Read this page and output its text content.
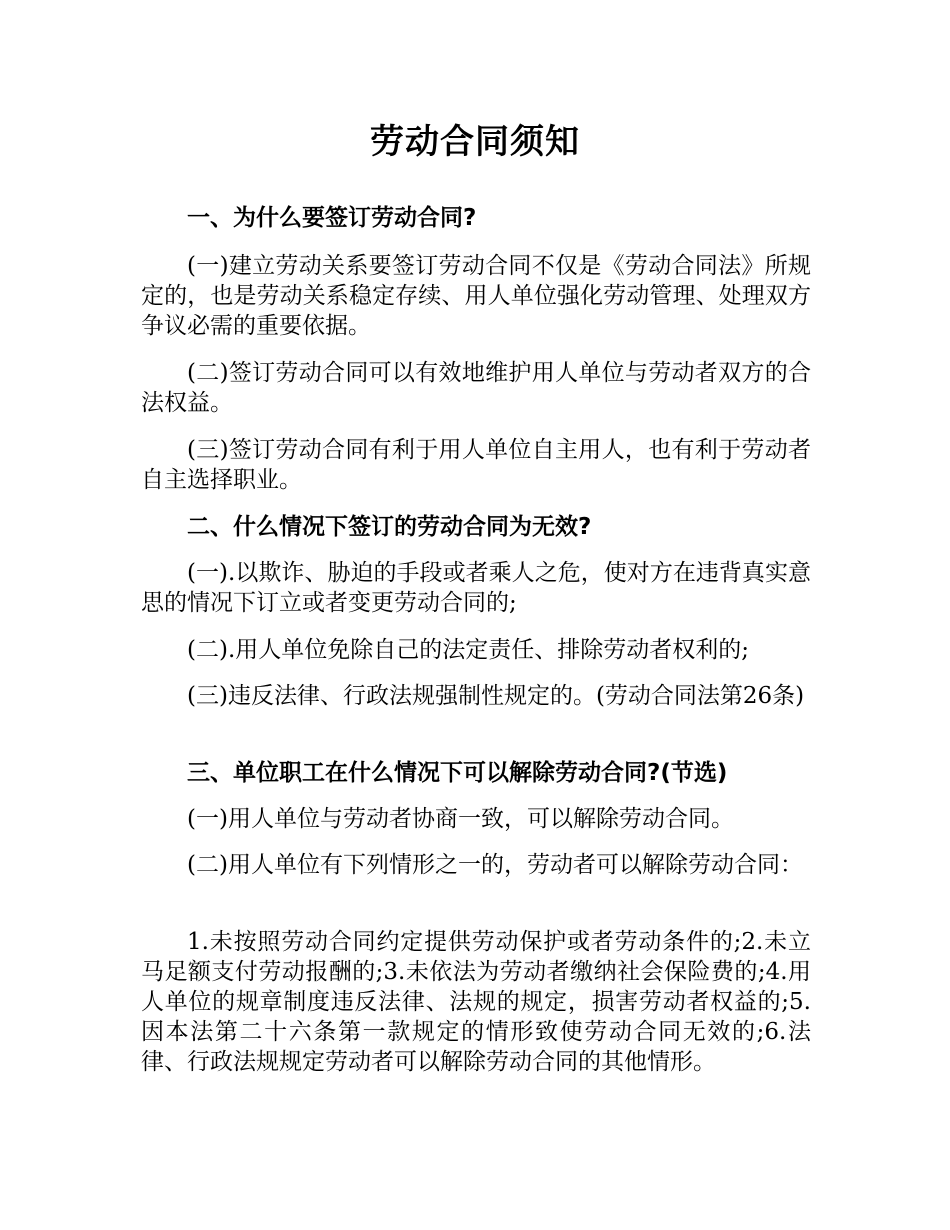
劳动合同须知

一、为什么要签订劳动合同?

(一)建立劳动关系要签订劳动合同不仅是《劳动合同法》所规定的，也是劳动关系稳定存续、用人单位强化劳动管理、处理双方争议必需的重要依据。

(二)签订劳动合同可以有效地维护用人单位与劳动者双方的合法权益。

(三)签订劳动合同有利于用人单位自主用人，也有利于劳动者自主选择职业。

二、什么情况下签订的劳动合同为无效?

(一).以欺诈、胁迫的手段或者乘人之危，使对方在违背真实意思的情况下订立或者变更劳动合同的;

(二).用人单位免除自己的法定责任、排除劳动者权利的;

(三)违反法律、行政法规强制性规定的。(劳动合同法第26条)

三、单位职工在什么情况下可以解除劳动合同?(节选)

(一)用人单位与劳动者协商一致，可以解除劳动合同。

(二)用人单位有下列情形之一的，劳动者可以解除劳动合同：

1.未按照劳动合同约定提供劳动保护或者劳动条件的;2.未立马足额支付劳动报酬的;3.未依法为劳动者缴纳社会保险费的;4.用人单位的规章制度违反法律、法规的规定，损害劳动者权益的;5.因本法第二十六条第一款规定的情形致使劳动合同无效的;6.法律、行政法规规定劳动者可以解除劳动合同的其他情形。
